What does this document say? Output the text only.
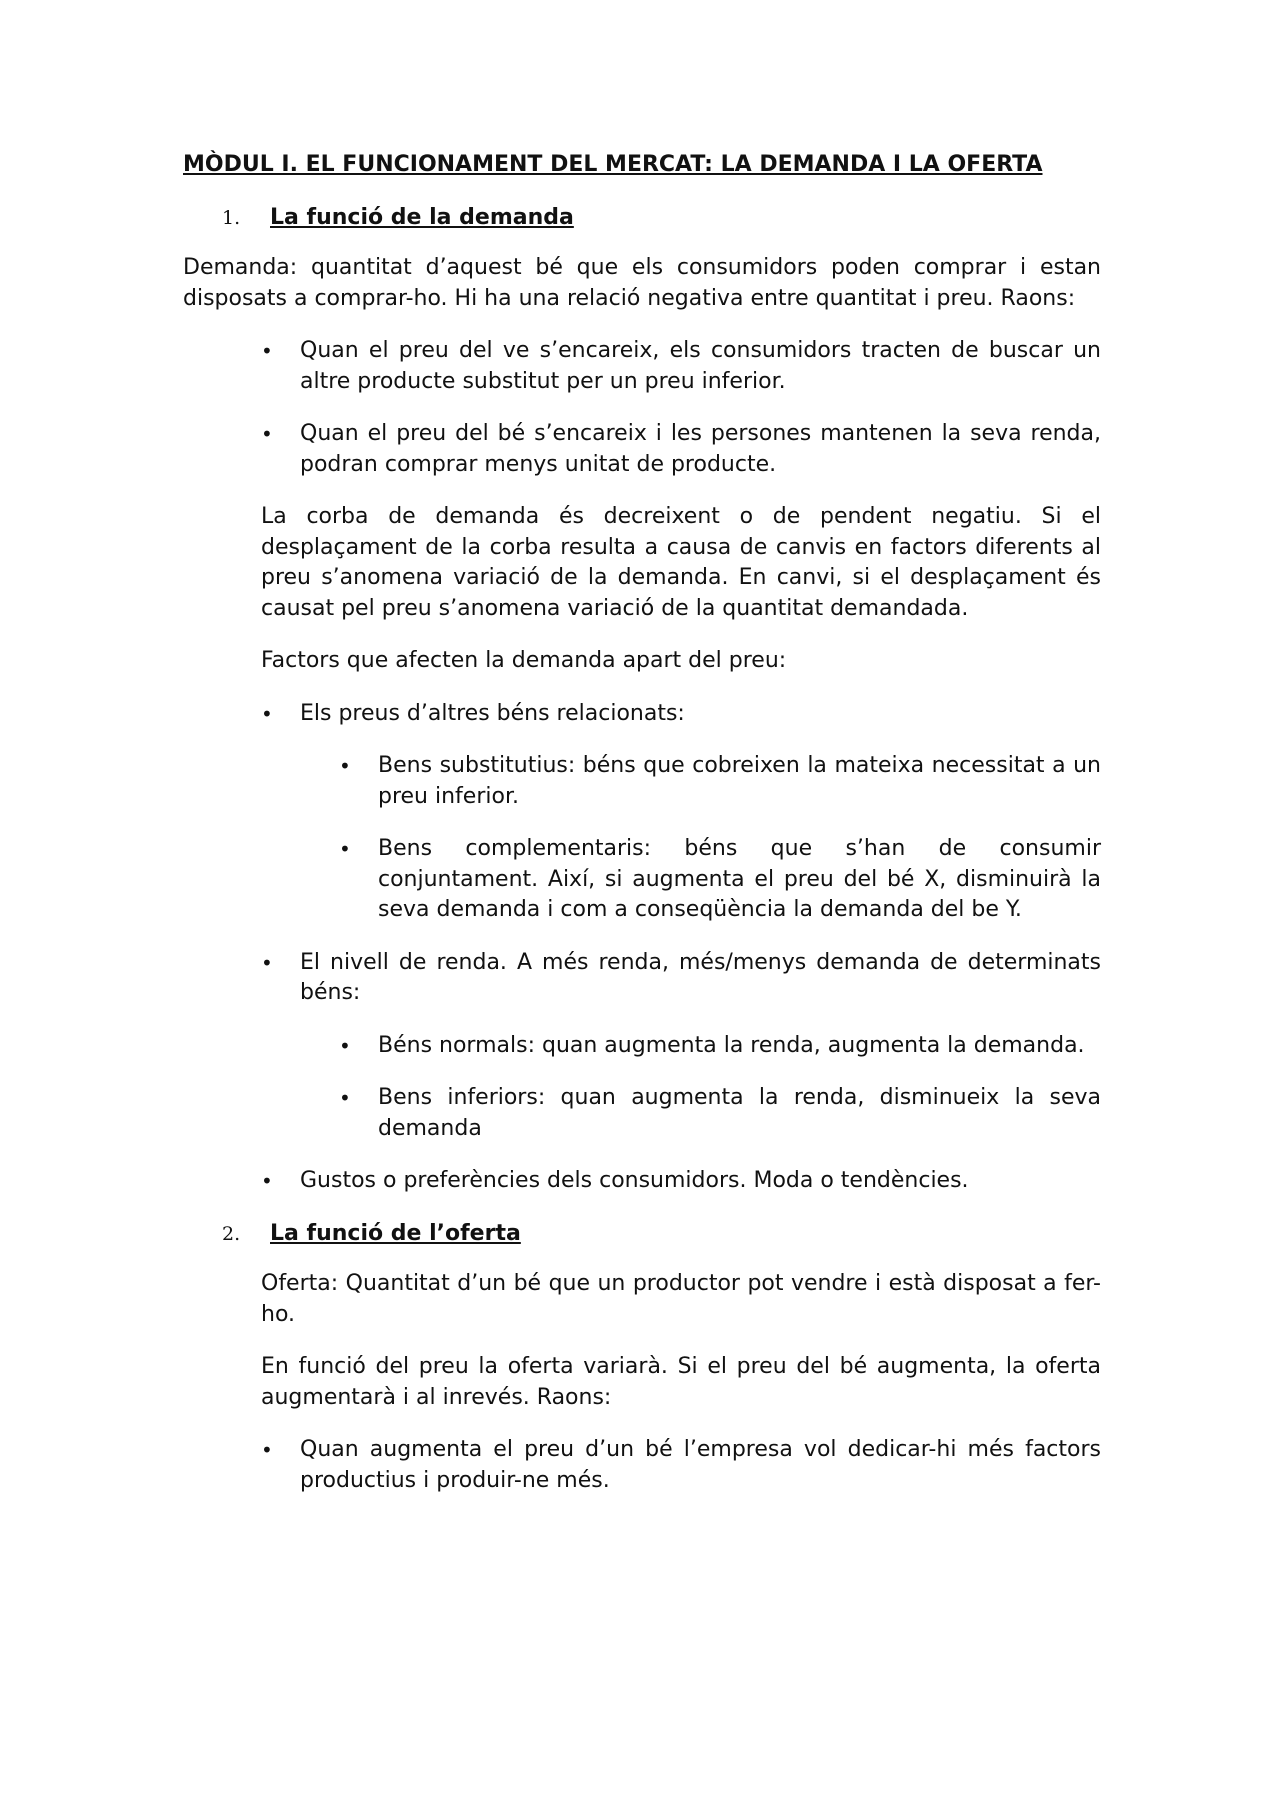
MÒDUL I. EL FUNCIONAMENT DEL MERCAT: LA DEMANDA I LA OFERTA
1.	La funció de la demanda

Demanda: quantitat d’aquest bé que els consumidors poden comprar i estan disposats a comprar-ho. Hi ha una relació negativa entre quantitat i preu. Raons:

• Quan el preu del ve s’encareix, els consumidors tracten de buscar un altre producte substitut per un preu inferior.
• Quan el preu del bé s’encareix i les persones mantenen la seva renda, podran comprar menys unitat de producte.

La corba de demanda és decreixent o de pendent negatiu. Si el desplaçament de la corba resulta a causa de canvis en factors diferents al preu s’anomena variació de la demanda. En canvi, si el desplaçament és causat pel preu s’anomena variació de la quantitat demandada.

Factors que afecten la demanda apart del preu:

• Els preus d’altres béns relacionats:
• Bens substitutius: béns que cobreixen la mateixa necessitat a un preu inferior.
• Bens complementaris: béns que s’han de consumir conjuntament. Així, si augmenta el preu del bé X, disminuirà la seva demanda i com a conseqüència la demanda del be Y.
• El nivell de renda. A més renda, més/menys demanda de determinats béns:
• Béns normals: quan augmenta la renda, augmenta la demanda.
• Bens inferiors: quan augmenta la renda, disminueix la seva demanda
• Gustos o preferències dels consumidors. Moda o tendències.
2.	La funció de l’oferta

Oferta: Quantitat d’un bé que un productor pot vendre i està disposat a fer-ho.

En funció del preu la oferta variarà. Si el preu del bé augmenta, la oferta augmentarà i al inrevés. Raons:

• Quan augmenta el preu d’un bé l’empresa vol dedicar-hi més factors productius i produir-ne més.
